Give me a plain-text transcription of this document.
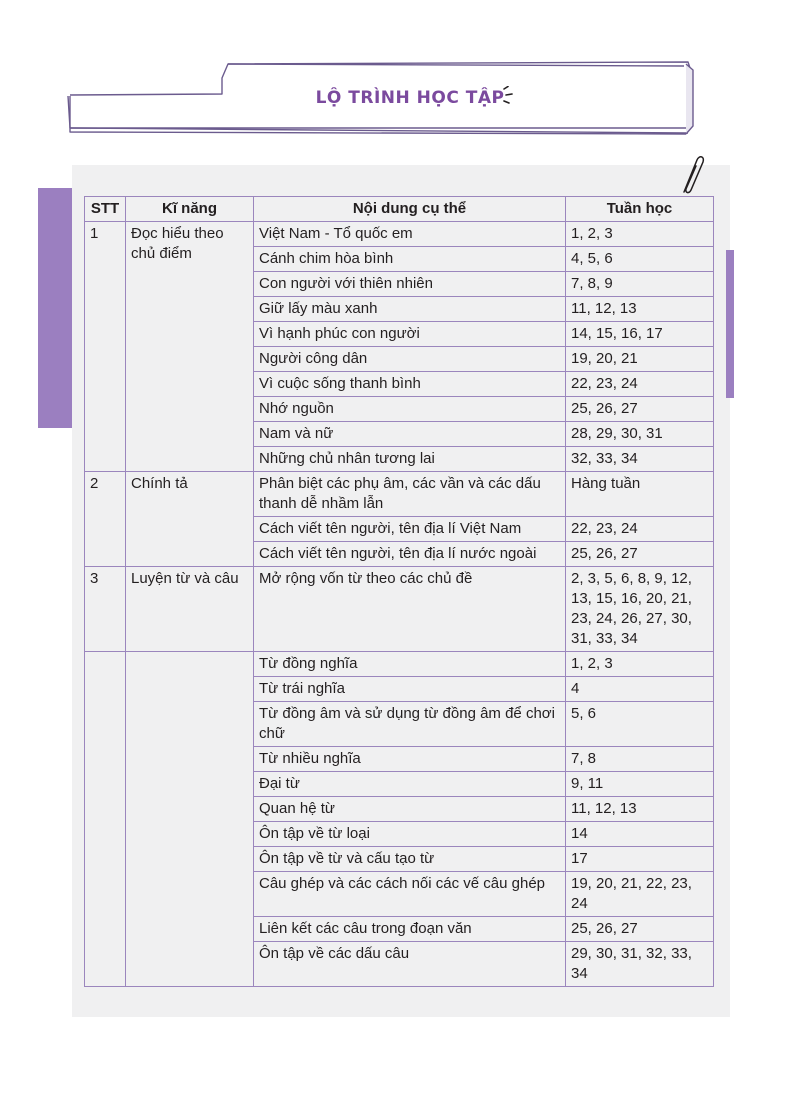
LỘ TRÌNH HỌC TẬP
STT	Kĩ năng	Nội dung cụ thể	Tuần học
1	Đọc hiểu theo chủ điểm	Việt Nam - Tổ quốc em	1, 2, 3
		Cánh chim hòa bình	4, 5, 6
		Con người với thiên nhiên	7, 8, 9
		Giữ lấy màu xanh	11, 12, 13
		Vì hạnh phúc con người	14, 15, 16, 17
		Người công dân	19, 20, 21
		Vì cuộc sống thanh bình	22, 23, 24
		Nhớ nguồn	25, 26, 27
		Nam và nữ	28, 29, 30, 31
		Những chủ nhân tương lai	32, 33, 34
2	Chính tả	Phân biệt các phụ âm, các vần và các dấu thanh dễ nhầm lẫn	Hàng tuần
		Cách viết tên người, tên địa lí Việt Nam	22, 23, 24
		Cách viết tên người, tên địa lí nước ngoài	25, 26, 27
3	Luyện từ và câu	Mở rộng vốn từ theo các chủ đề	2, 3, 5, 6, 8, 9, 12, 13, 15, 16, 20, 21, 23, 24, 26, 27, 30, 31, 33, 34
		Từ đồng nghĩa	1, 2, 3
		Từ trái nghĩa	4
		Từ đồng âm và sử dụng từ đồng âm để chơi chữ	5, 6
		Từ nhiều nghĩa	7, 8
		Đại từ	9, 11
		Quan hệ từ	11, 12, 13
		Ôn tập về từ loại	14
		Ôn tập về từ và cấu tạo từ	17
		Câu ghép và các cách nối các vế câu ghép	19, 20, 21, 22, 23, 24
		Liên kết các câu trong đoạn văn	25, 26, 27
		Ôn tập về các dấu câu	29, 30, 31, 32, 33, 34
